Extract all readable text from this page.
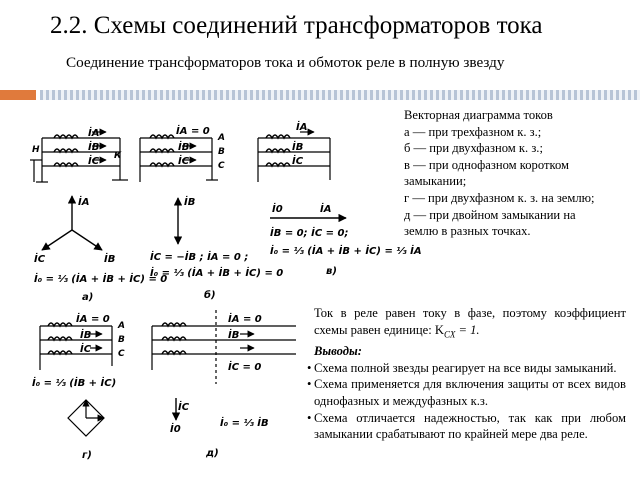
2.2. Схемы соединений трансформаторов тока
Соединение трансформаторов тока и обмоток реле в полную звезду
İA
İB
İC
Н
К
İA
İC	İB
İ₀ = ⅓ (İA + İB + İC) = 0
а)
İA = 0
İB
İC
A
B
C
İB
İC = −İB ; İA = 0 ;
İ₀ = ⅓ (İA + İB + İC) = 0
б)
İA
İB
İC
İ0	İA
İB = 0; İC = 0;
İ₀ = ⅓ (İA + İB + İC) = ⅓ İA
в)
İA = 0
İB
İC
A
B
C
İ₀ = ⅓ (İB + İC)
г)
İA = 0
İB
İC = 0
İC
İ0
İ₀ = ⅓ İB
д)
Векторная диаграмма токов
а — при трехфазном к. з.;
б — при двухфазном к. з.;
в — при однофазном коротком
замыкании;
г — при двухфазном к. з. на землю;
д — при двойном замыкании на
землю в разных точках.

Ток в реле равен току в фазе, поэтому коэффициент схемы равен единице: $K_{СХ} = 1$.

Выводы:

• Схема полной звезды реагирует на все виды замыканий.

• Схема применяется для включения защиты от всех видов однофазных и междуфазных к.з.

• Схема отличается надежностью, так как при любом замыкании срабатывают по крайней мере два реле.
